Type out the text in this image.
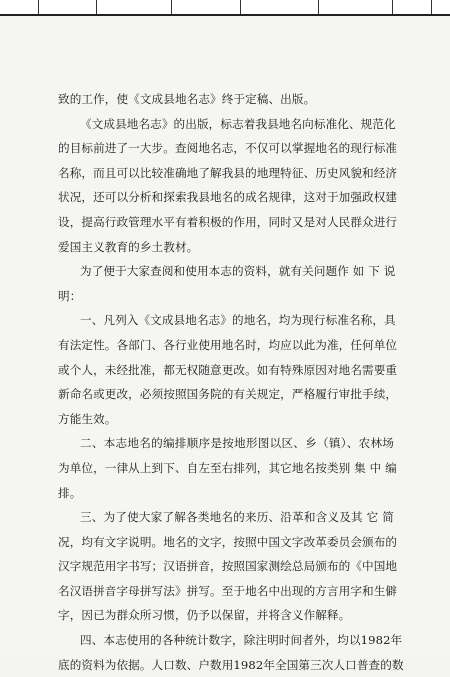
致的工作，使《文成县地名志》终于定稿、出版。
《文成县地名志》的出版，标志着我县地名向标准化、规范化
的目标前进了一大步。查阅地名志，不仅可以掌握地名的现行标准
名称，而且可以比较准确地了解我县的地理特征、历史风貌和经济
状况，还可以分析和探索我县地名的成名规律，这对于加强政权建
设，提高行政管理水平有着积极的作用，同时又是对人民群众进行
爱国主义教育的乡土教材。
为了便于大家查阅和使用本志的资料，就有关问题作 如 下 说
明：
一、凡列入《文成县地名志》的地名，均为现行标准名称，具
有法定性。各部门、各行业使用地名时，均应以此为准，任何单位
或个人，未经批准，都无权随意更改。如有特殊原因对地名需要重
新命名或更改，必须按照国务院的有关规定，严格履行审批手续，
方能生效。
二、本志地名的编排顺序是按地形图以区、乡（镇）、农林场
为单位，一律从上到下、自左至右排列，其它地名按类别 集 中 编
排。
三、为了使大家了解各类地名的来历、沿革和含义及其 它 简
况，均有文字说明。地名的文字，按照中国文字改革委员会颁布的
汉字规范用字书写；汉语拼音，按照国家测绘总局颁布的《中国地
名汉语拼音字母拼写法》拼写。至于地名中出现的方言用字和生僻
字，因已为群众所习惯，仍予以保留，并将含义作解释。
四、本志使用的各种统计数字，除注明时间者外，均以1982年
底的资料为依据。人口数、户数用1982年全国第三次人口普查的数
